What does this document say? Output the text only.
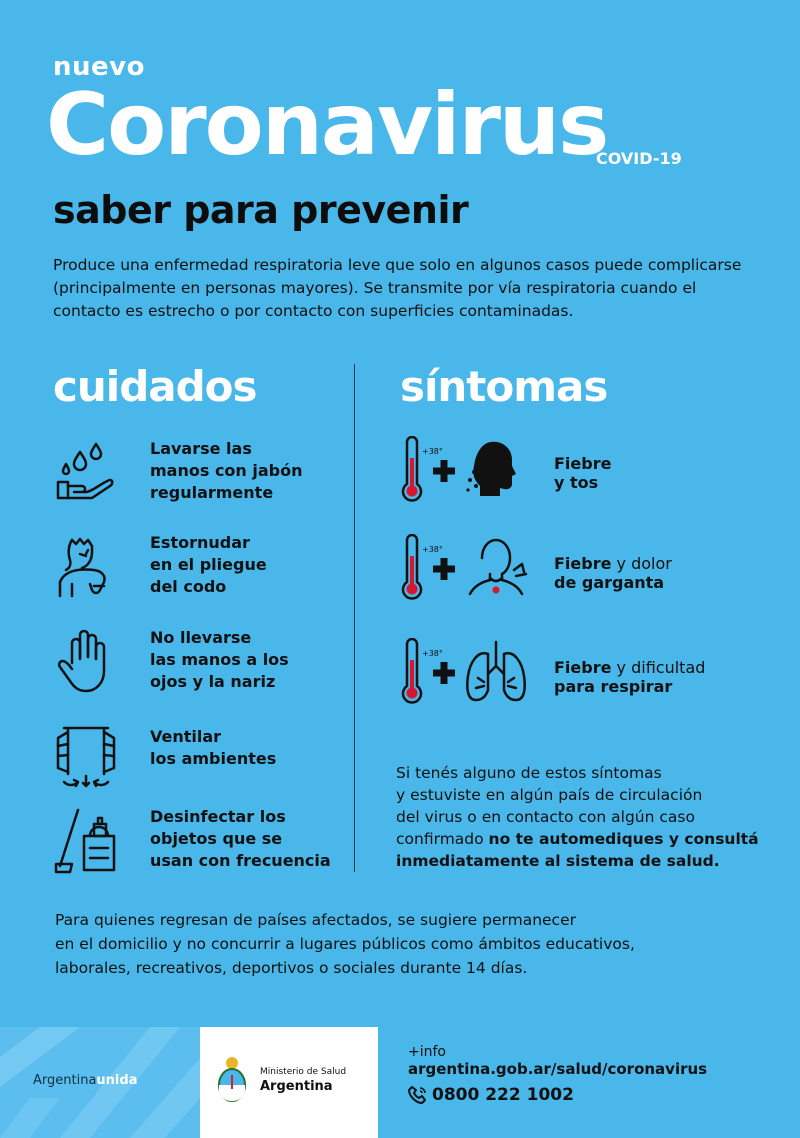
nuevo
Coronavirus
COVID-19
saber para prevenir
Produce una enfermedad respiratoria leve que solo en algunos casos puede complicarse (principalmente en personas mayores). Se transmite por vía respiratoria cuando el contacto es estrecho o por contacto con superficies contaminadas.
cuidados	síntomas
Lavarse las
manos con jabón
regularmente
Estornudar
en el pliegue
del codo
No llevarse
las manos a los
ojos y la nariz
Ventilar
los ambientes
Desinfectar los
objetos que se
usan con frecuencia
+38°
Fiebre
y tos
+38°
Fiebre y dolor
de garganta
+38°
Fiebre y dificultad
para respirar
Si tenés alguno de estos síntomas
y estuviste en algún país de circulación
del virus o en contacto con algún caso
confirmado no te automediques y consultá
inmediatamente al sistema de salud.
Para quienes regresan de países afectados, se sugiere permanecer
en el domicilio y no concurrir a lugares públicos como ámbitos educativos,
laborales, recreativos, deportivos o sociales durante 14 días.
Argentinaunida
Ministerio de Salud
Argentina
+info
argentina.gob.ar/salud/coronavirus
0800 222 1002
